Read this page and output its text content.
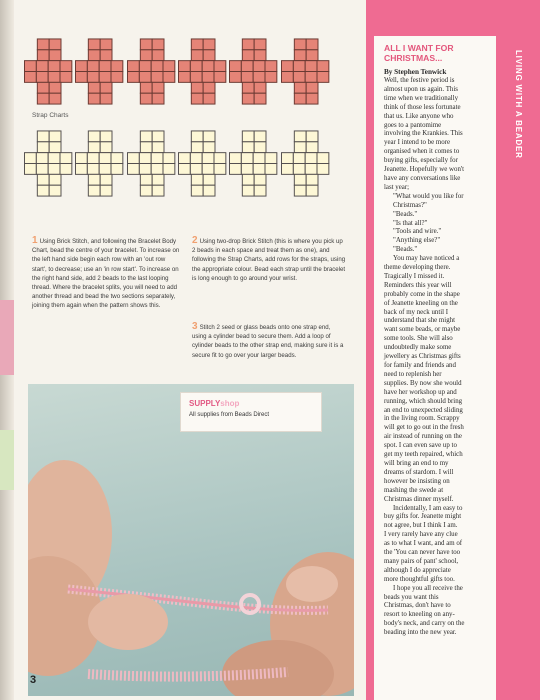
Strap Charts
1 Using Brick Stitch, and following the Bracelet Body Chart, bead the centre of your bracelet. To increase on the left hand side begin each row with an 'out row start', to decrease; use an 'in row start'. To increase on the right hand side, add 2 beads to the last looping thread. Where the bracelet splits, you will need to add another thread and bead the two sections separately, joining them again when the pattern shows this.
2 Using two-drop Brick Stitch (this is where you pick up 2 beads in each space and treat them as one), and following the Strap Charts, add rows for the straps, using the appropriate colour. Bead each strap until the bracelet is long enough to go around your wrist.
3 Stitch 2 seed or glass beads onto one strap end, using a cylinder bead to secure them. Add a loop of cylinder beads to the other strap end, making sure it is a secure fit to go over your larger beads.
SUPPLYshop
All supplies from Beads Direct
3
LIVING WITH A BEADER
ALL I WANT FOR CHRISTMAS...
By Stephen Tenwick
Well, the festive period is
almost upon us again. This
time when we traditionally
think of those less fortunate
that us. Like anyone who
goes to a pantomime
involving the Krankies. This
year I intend to be more
organised when it comes to
buying gifts, especially for
Jeanette. Hopefully we won't
have any conversations like
last year;
"What would you like for
Christmas?"
"Beads."
"Is that all?"
"Tools and wire."
"Anything else?"
"Beads."
You may have noticed a
theme developing there.
Tragically I missed it.
Reminders this year will
probably come in the shape
of Jeanette kneeling on the
back of my neck until I
understand that she might
want some beads, or maybe
some tools. She will also
undoubtedly make some
jewellery as Christmas gifts
for family and friends and
need to replenish her
supplies. By now she would
have her workshop up and
running, which should bring
an end to unexpected sliding
in the living room. Scrappy
will get to go out in the fresh
air instead of running on the
spot. I can even save up to
get my teeth repaired, which
will bring an end to my
dreams of stardom. I will
however be insisting on
mashing the swede at
Christmas dinner myself.
Incidentally, I am easy to
buy gifts for. Jeanette might
not agree, but I think I am.
I very rarely have any clue
as to what I want, and am of
the 'You can never have too
many pairs of pant' school,
although I do appreciate
more thoughtful gifts too.
I hope you all receive the
beads you want this
Christmas, don't have to
resort to kneeling on any-
body's neck, and carry on the
beading into the new year.
